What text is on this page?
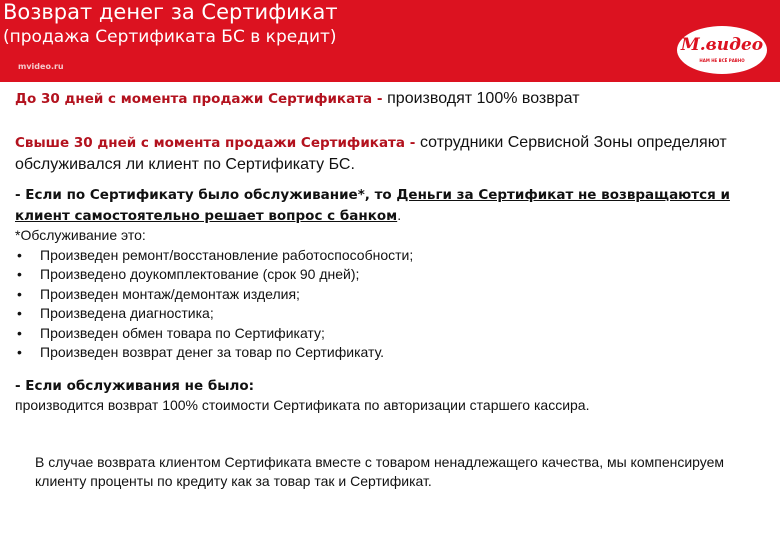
Возврат денег за Сертификат
(продажа Сертификата БС в кредит)
mvideo.ru
М.видео
НАМ НЕ ВСЁ РАВНО
До 30 дней с момента продажи Сертификата - производят 100% возврат
Свыше 30 дней с момента продажи Сертификата - сотрудники Сервисной Зоны определяют обслуживался ли клиент по Сертификату БС.
- Если по Сертификату было обслуживание*, то Деньги за Сертификат не возвращаются и клиент самостоятельно решает вопрос с банком.
*Обслуживание это:
• Произведен ремонт/восстановление работоспособности;
• Произведено доукомплектование (срок 90 дней);
• Произведен монтаж/демонтаж изделия;
• Произведена диагностика;
• Произведен обмен товара по Сертификату;
• Произведен возврат денег за товар по Сертификату.
- Если обслуживания не было:
производится возврат 100% стоимости Сертификата по авторизации старшего кассира.
В случае возврата клиентом Сертификата вместе с товаром ненадлежащего качества, мы компенсируем клиенту проценты по кредиту как за товар так и Сертификат.
